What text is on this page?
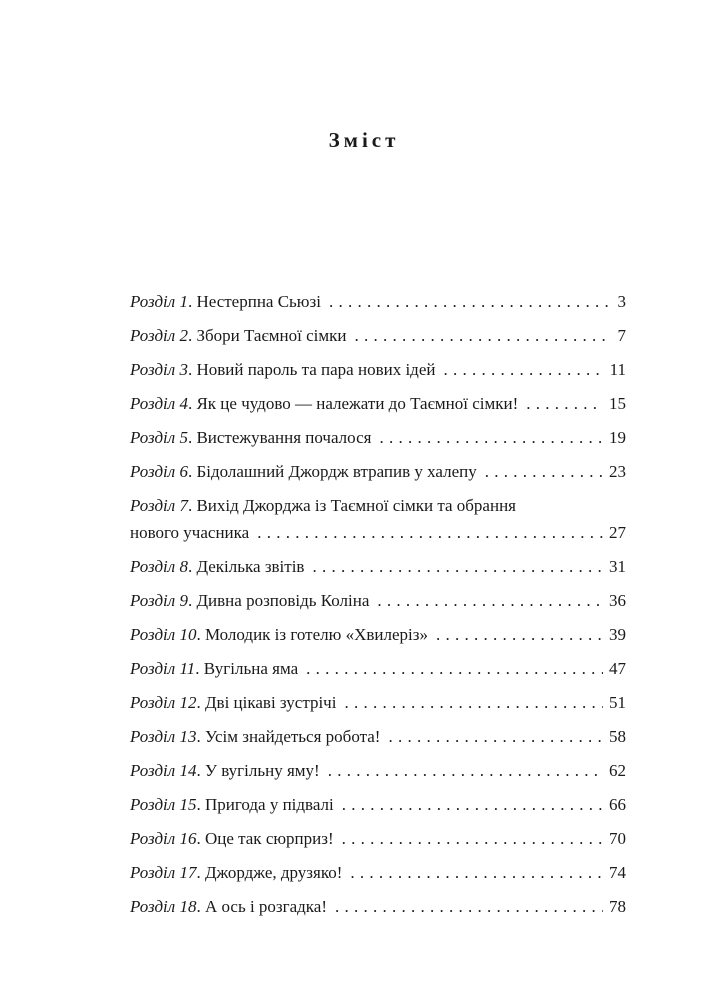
Зміст
Розділ 1. Нестерпна Сьюзі . . .	3
Розділ 2. Збори Таємної сімки . . .	7
Розділ 3. Новий пароль та пара нових ідей . . .	11
Розділ 4. Як це чудово — належати до Таємної сімки! . . .	15
Розділ 5. Вистежування почалося . . .	19
Розділ 6. Бідолашний Джордж втрапив у халепу . . .	23
Розділ 7. Вихід Джорджа із Таємної сімки та обрання
нового учасника . . .	27
Розділ 8. Декілька звітів . . .	31
Розділ 9. Дивна розповідь Коліна . . .	36
Розділ 10. Молодик із готелю «Хвилеріз» . . .	39
Розділ 11. Вугільна яма . . .	47
Розділ 12. Дві цікаві зустрічі . . .	51
Розділ 13. Усім знайдеться робота! . . .	58
Розділ 14. У вугільну яму! . . .	62
Розділ 15. Пригода у підвалі . . .	66
Розділ 16. Оце так сюрприз! . . .	70
Розділ 17. Джордже, друзяко! . . .	74
Розділ 18. А ось і розгадка! . . .	78
